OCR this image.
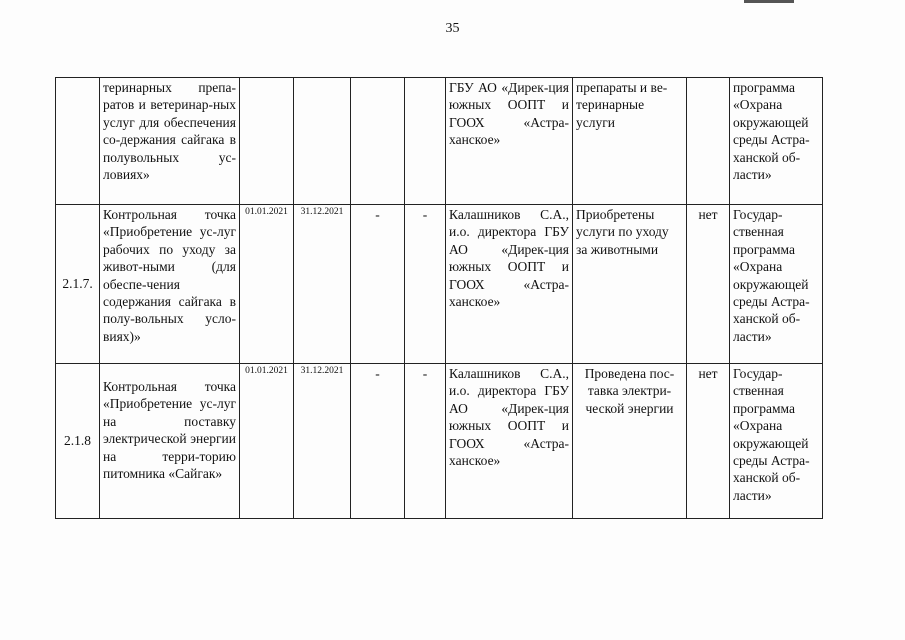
35
	теринарных препа-ратов и ветеринар-ных услуг для обеспечения со-держания сайгака в полувольных ус-ловиях»					ГБУ АО «Дирек-ция южных ООПТ и ГООХ «Астра-ханское»	препараты и ве-теринарные услуги		программа «Охрана окружающей среды Астра-ханской об-ласти»
2.1.7.	Контрольная точка «Приобретение ус-луг рабочих по уходу за живот-ными (для обеспе-чения содержания сайгака в полу-вольных усло-виях)»	01.01.2021	31.12.2021	-	-	Калашников С.А., и.о. директора ГБУ АО «Дирек-ция южных ООПТ и ГООХ «Астра-ханское»	Приобретены услуги по уходу за животными	нет	Государ-ственная программа «Охрана окружающей среды Астра-ханской об-ласти»
2.1.8	Контрольная точка «Приобретение ус-луг на поставку электрической энергии на терри-торию питомника «Сайгак»	01.01.2021	31.12.2021	-	-	Калашников С.А., и.о. директора ГБУ АО «Дирек-ция южных ООПТ и ГООХ «Астра-ханское»	Проведена пос-тавка электри-ческой энергии	нет	Государ-ственная программа «Охрана окружающей среды Астра-ханской об-ласти»
